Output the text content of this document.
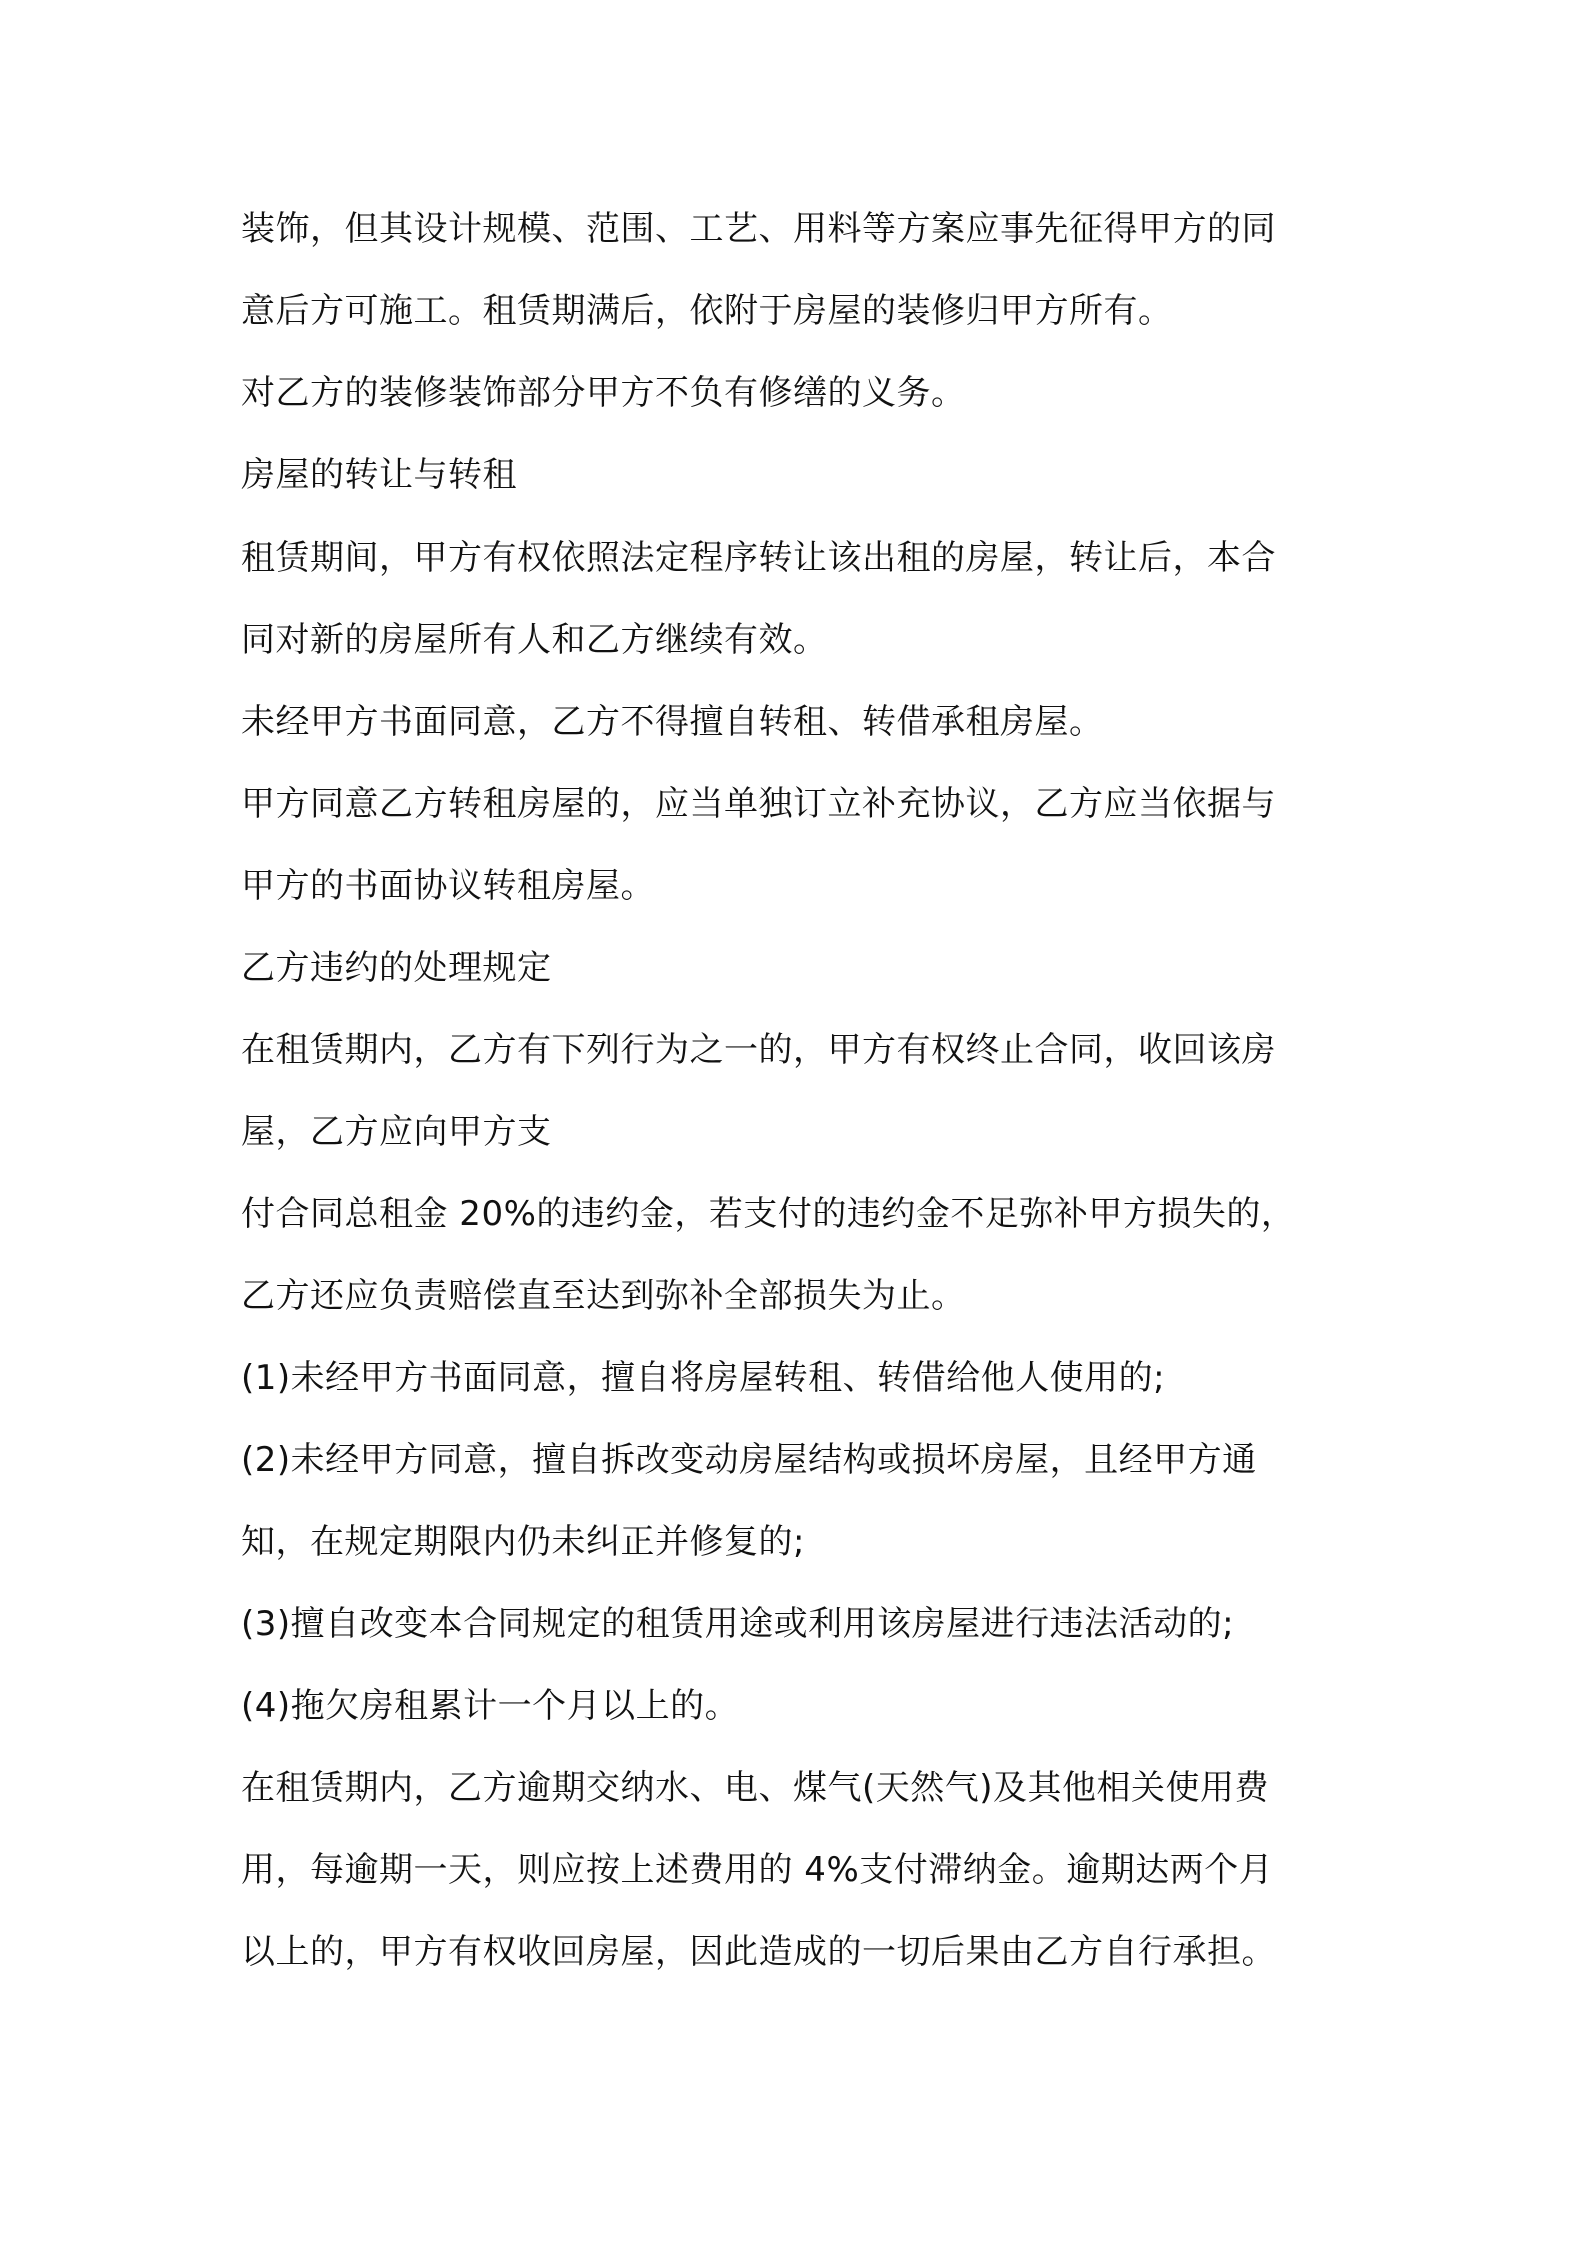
装饰，但其设计规模、范围、工艺、用料等方案应事先征得甲方的同

意后方可施工。租赁期满后，依附于房屋的装修归甲方所有。

对乙方的装修装饰部分甲方不负有修缮的义务。

房屋的转让与转租

租赁期间，甲方有权依照法定程序转让该出租的房屋，转让后，本合

同对新的房屋所有人和乙方继续有效。

未经甲方书面同意，乙方不得擅自转租、转借承租房屋。

甲方同意乙方转租房屋的，应当单独订立补充协议，乙方应当依据与

甲方的书面协议转租房屋。

乙方违约的处理规定

在租赁期内，乙方有下列行为之一的，甲方有权终止合同，收回该房

屋，乙方应向甲方支

付合同总租金 20%的违约金，若支付的违约金不足弥补甲方损失的，

乙方还应负责赔偿直至达到弥补全部损失为止。

(1)未经甲方书面同意，擅自将房屋转租、转借给他人使用的;

(2)未经甲方同意，擅自拆改变动房屋结构或损坏房屋，且经甲方通

知，在规定期限内仍未纠正并修复的;

(3)擅自改变本合同规定的租赁用途或利用该房屋进行违法活动的;

(4)拖欠房租累计一个月以上的。

在租赁期内，乙方逾期交纳水、电、煤气(天然气)及其他相关使用费

用，每逾期一天，则应按上述费用的 4%支付滞纳金。逾期达两个月

以上的，甲方有权收回房屋，因此造成的一切后果由乙方自行承担。
